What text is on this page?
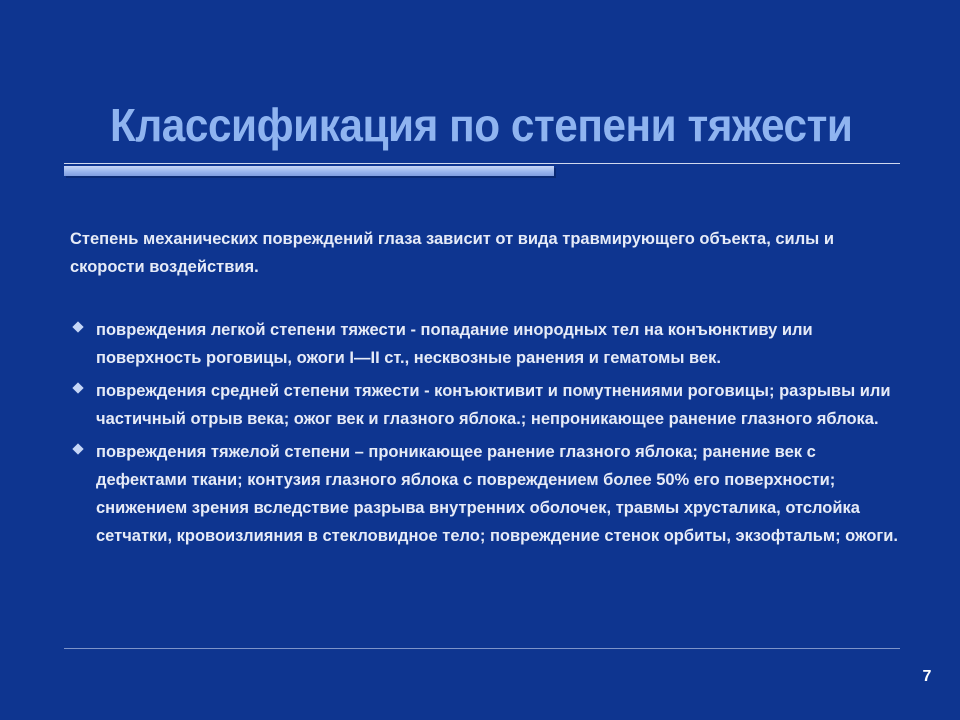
Классификация по степени тяжести

Степень механических повреждений глаза зависит от вида травмирующего объекта, силы и скорости воздействия.

повреждения легкой степени тяжести - попадание инородных тел на конъюнктиву или поверхность роговицы, ожоги I—II ст., несквозные ранения и гематомы век.
повреждения средней степени тяжести - конъюктивит и помутнениями роговицы; разрывы или частичный отрыв века; ожог век и глазного яблока.; непроникающее ранение глазного яблока.
повреждения тяжелой степени – проникающее ранение глазного яблока; ранение век с дефектами ткани; контузия глазного яблока с повреждением более 50% его поверхности; снижением зрения вследствие разрыва внутренних оболочек, травмы хрусталика, отслойка сетчатки, кровоизлияния в стекловидное тело; повреждение стенок орбиты, экзофтальм; ожоги.
7
